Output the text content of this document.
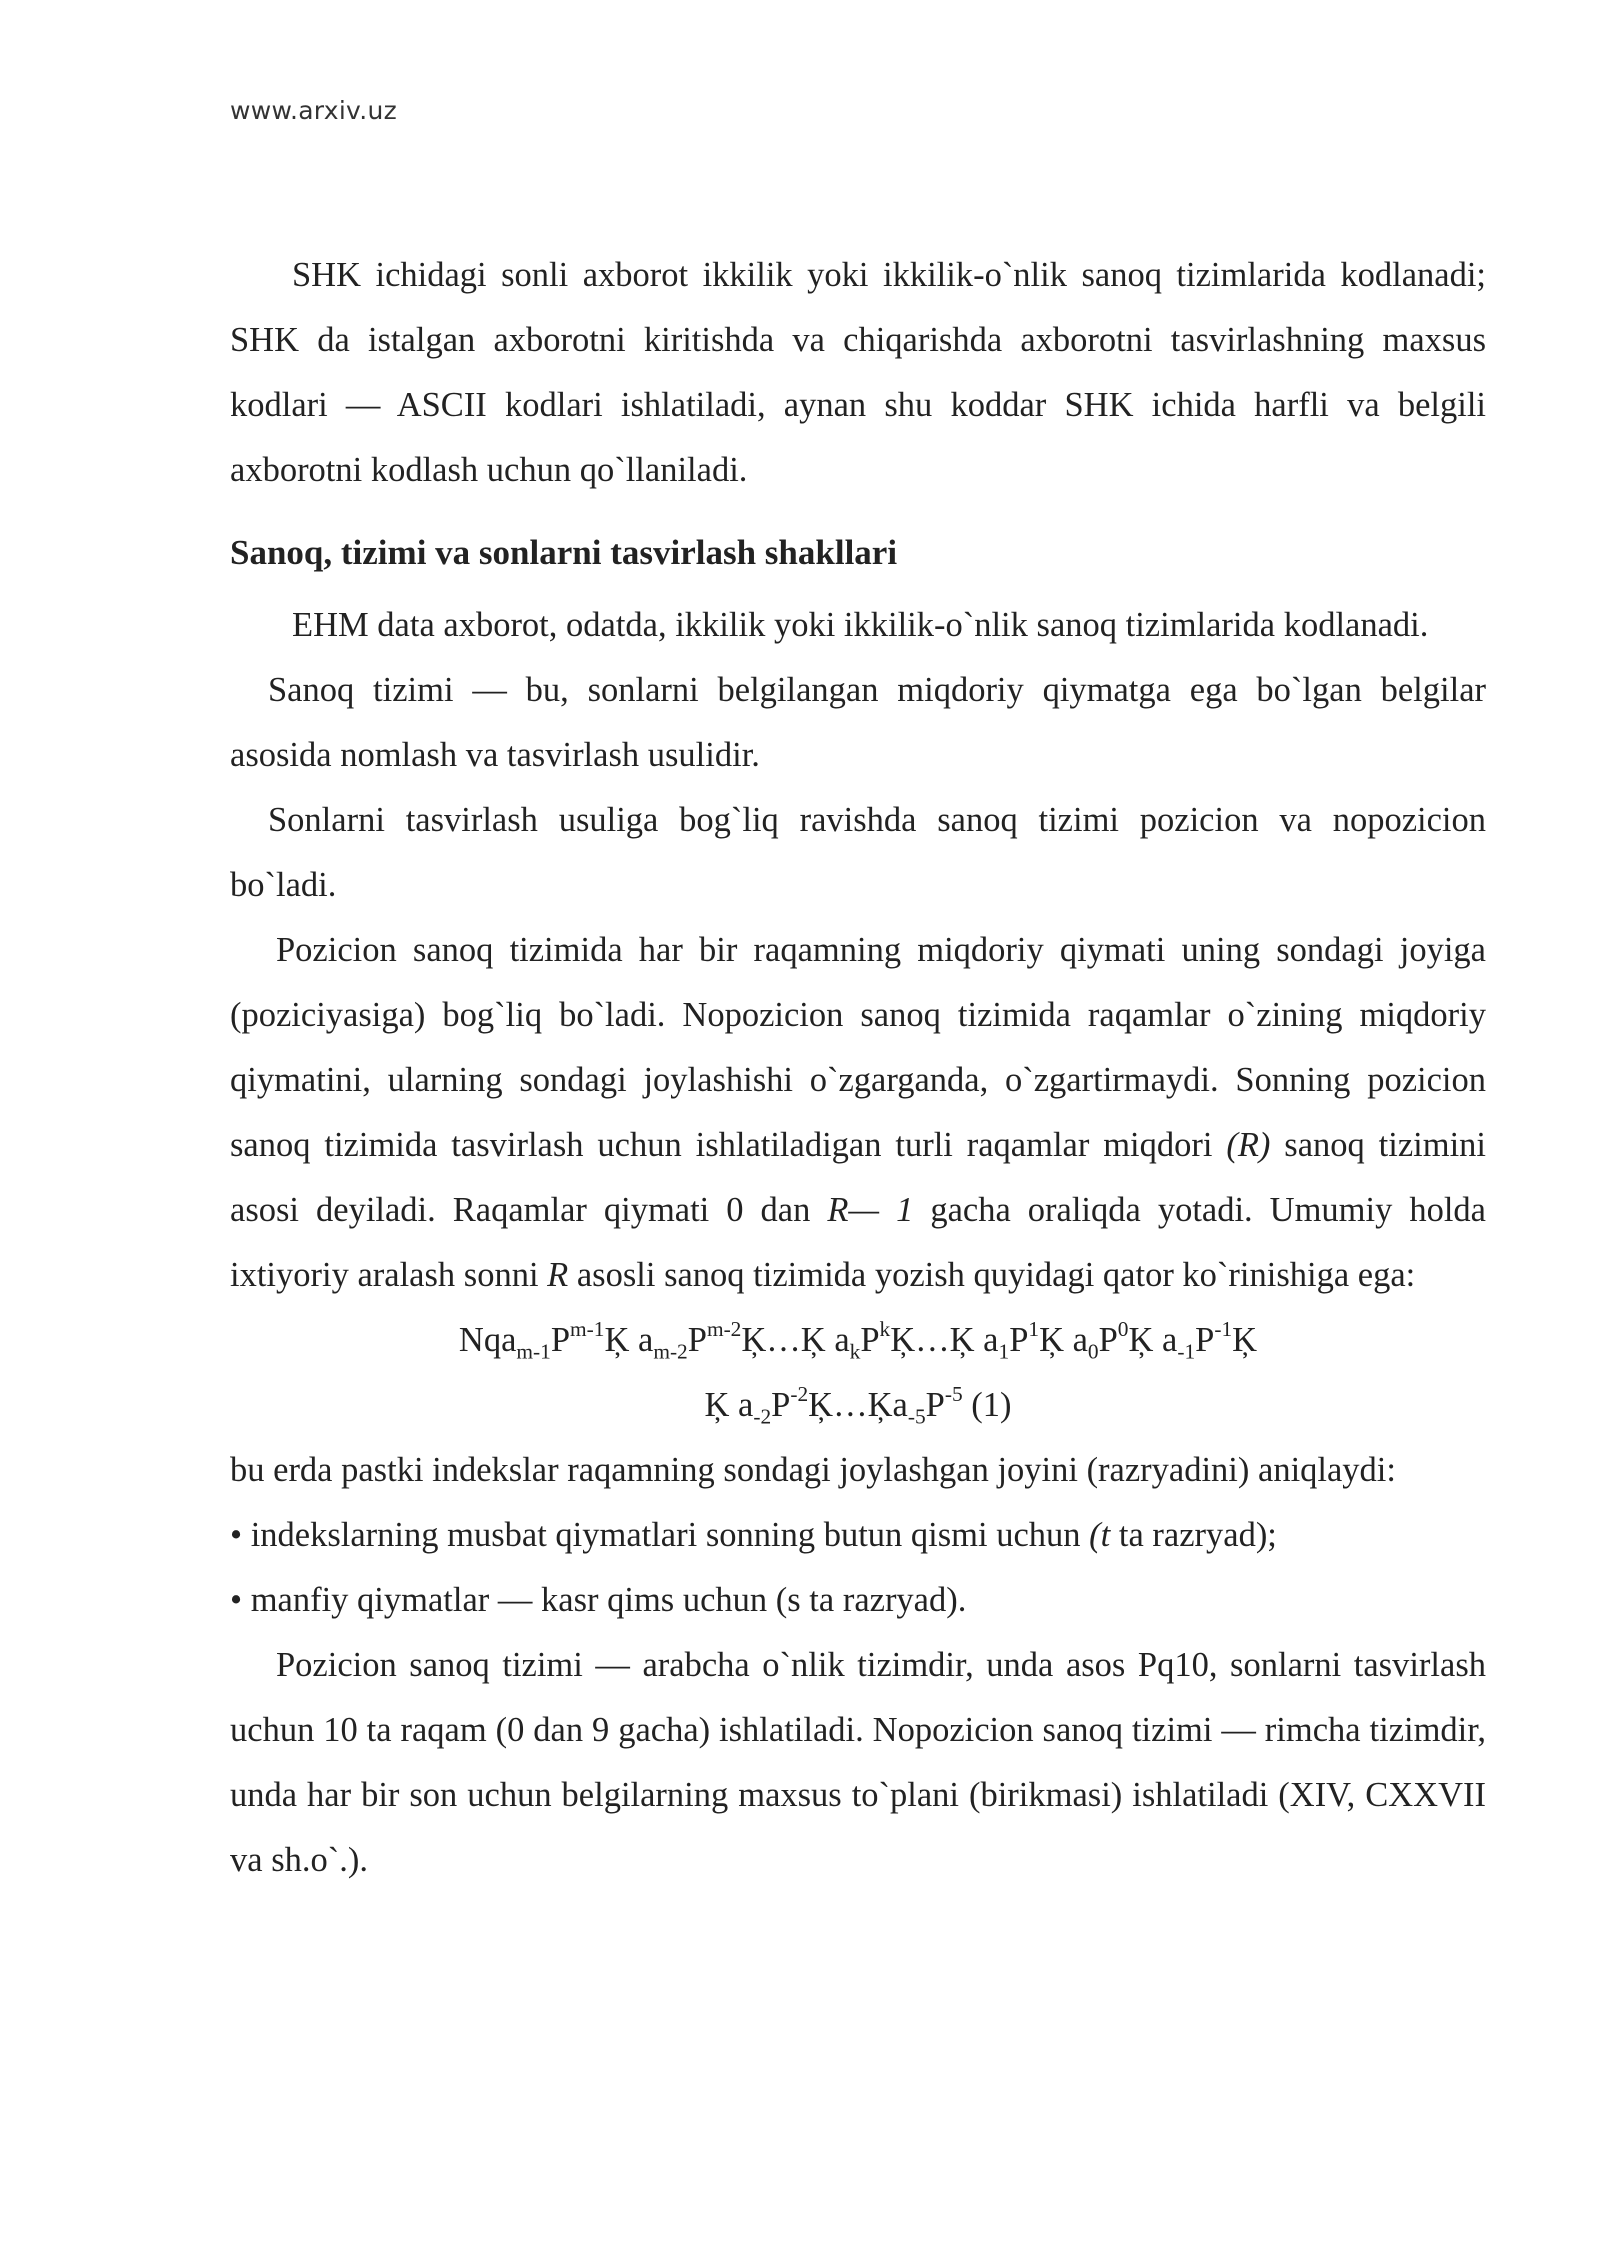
www.arxiv.uz

SHK ichidagi sonli axborot ikkilik yoki ikkilik-o`nlik sanoq tizimlarida kodlanadi; SHK da istalgan axborotni kiritishda va chiqarishda axborotni tasvirlashning maxsus kodlari — ASCII kodlari ishlatiladi, aynan shu koddar SHK ichida harfli va belgili axborotni kodlash uchun qo`llaniladi.

Sanoq, tizimi va sonlarni tasvirlash shakllari

EHM data axborot, odatda, ikkilik yoki ikkilik-o`nlik sanoq tizimlarida kodlanadi.

Sanoq tizimi — bu, sonlarni belgilangan miqdoriy qiymatga ega bo`lgan belgilar asosida nomlash va tasvirlash usulidir.

Sonlarni tasvirlash usuliga bog`liq ravishda sanoq tizimi pozicion va nopozicion bo`ladi.

Pozicion sanoq tizimida har bir raqamning miqdoriy qiymati uning sondagi joyiga (poziciyasiga) bog`liq bo`ladi. Nopozicion sanoq tizimida raqamlar o`zining miqdoriy qiymatini, ularning sondagi joylashishi o`zgarganda, o`zgartirmaydi. Sonning pozicion sanoq tizimida tasvirlash uchun ishlatiladigan turli raqamlar miqdori (R) sanoq tizimini asosi deyiladi. Raqamlar qiymati 0 dan R— 1 gacha oraliqda yotadi. Umumiy holda ixtiyoriy aralash sonni R asosli sanoq tizimida yozish quyidagi qator ko`rinishiga ega:

$Nqa_{m-1}P^{m-1}Ķ$ $a_{m-2}P^{m-2}Ķ\dots Ķ$ $a_kP^kĶ\dots Ķ$ $a_1P^1Ķ$ $a_0P^0Ķ$ $a_{-1}P^{-1}Ķ$

Ķ $a_{-2}P^{-2}Ķ\dots Ķa_{-5}P^{-5}$ (1)

bu erda pastki indekslar raqamning sondagi joylashgan joyini (razryadini) aniqlaydi:

• indekslarning musbat qiymatlari sonning butun qismi uchun (t ta razryad);

• manfiy qiymatlar — kasr qims uchun (s ta razryad).

Pozicion sanoq tizimi — arabcha o`nlik tizimdir, unda asos Pq10, sonlarni tasvirlash uchun 10 ta raqam (0 dan 9 gacha) ishlatiladi. Nopozicion sanoq tizimi — rimcha tizimdir, unda har bir son uchun belgilarning maxsus to`plani (birikmasi) ishlatiladi (XIV, CXXVII va sh.o`.).
